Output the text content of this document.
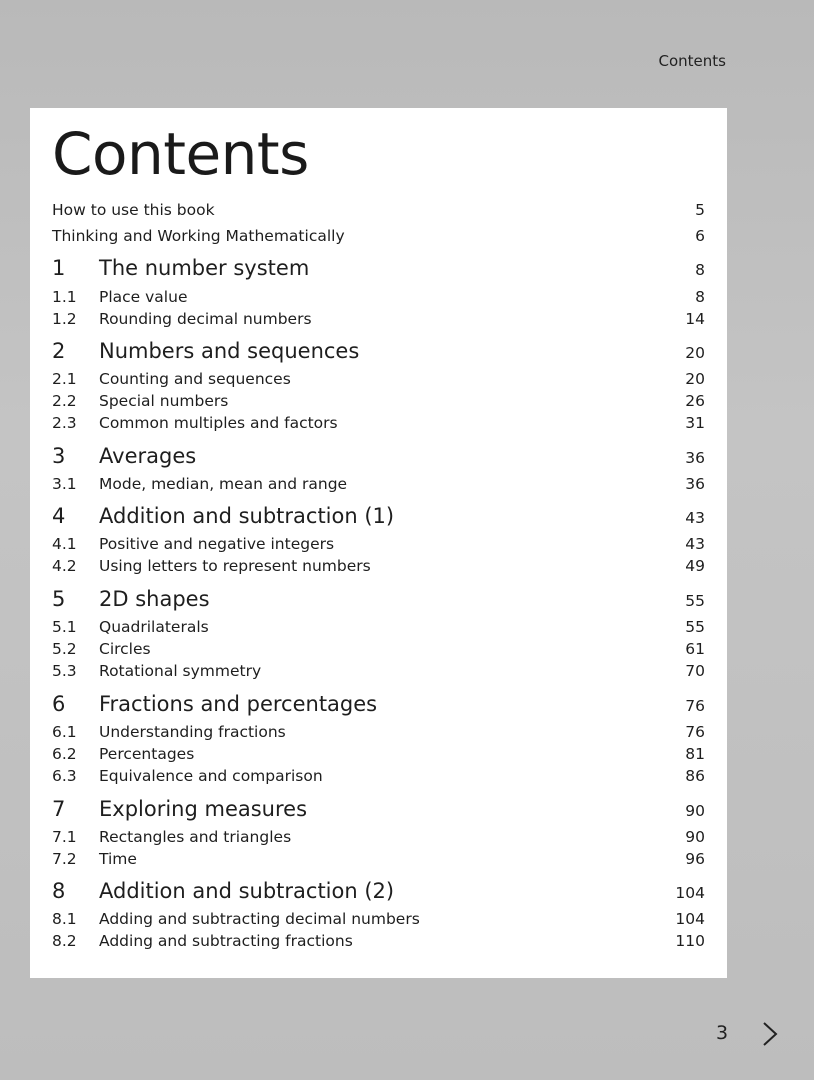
Contents
Contents
How to use this book	5
Thinking and Working Mathematically	6
1	The number system	8
1.1	Place value	8
1.2	Rounding decimal numbers	14
2	Numbers and sequences	20
2.1	Counting and sequences	20
2.2	Special numbers	26
2.3	Common multiples and factors	31
3	Averages	36
3.1	Mode, median, mean and range	36
4	Addition and subtraction (1)	43
4.1	Positive and negative integers	43
4.2	Using letters to represent numbers	49
5	2D shapes	55
5.1	Quadrilaterals	55
5.2	Circles	61
5.3	Rotational symmetry	70
6	Fractions and percentages	76
6.1	Understanding fractions	76
6.2	Percentages	81
6.3	Equivalence and comparison	86
7	Exploring measures	90
7.1	Rectangles and triangles	90
7.2	Time	96
8	Addition and subtraction (2)	104
8.1	Adding and subtracting decimal numbers	104
8.2	Adding and subtracting fractions	110
3
